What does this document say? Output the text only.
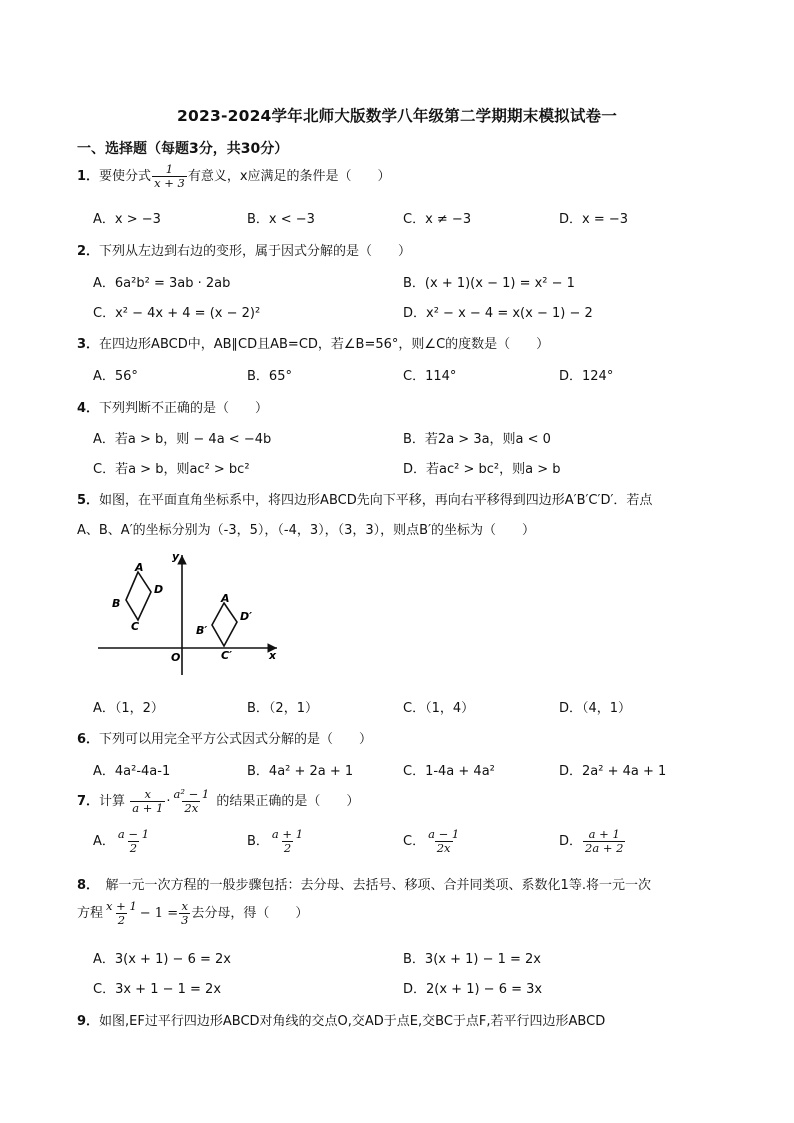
2023-2024学年北师大版数学八年级第二学期期末模拟试卷一
一、选择题（每题3分，共30分）
1．要使分式 $\frac{1}{x + 3}$ 有意义，x应满足的条件是（　　）
A．x > −3	B．x < −3	C．x ≠ −3	D．x = −3
2．下列从左边到右边的变形，属于因式分解的是（　　）
A．6a²b² = 3ab · 2ab	B．(x + 1)(x − 1) = x² − 1
C．x² − 4x + 4 = (x − 2)²	D．x² − x − 4 = x(x − 1) − 2
3．在四边形ABCD中，AB∥CD且AB=CD，若∠B=56°，则∠C的度数是（　　）
A．56°	B．65°	C．114°	D．124°
4．下列判断不正确的是（　　）
A．若a > b，则 − 4a < −4b	B．若2a > 3a，则a < 0
C．若a > b，则ac² > bc²	D．若ac² > bc²，则a > b
5．如图，在平面直角坐标系中，将四边形ABCD先向下平移，再向右平移得到四边形A′B′C′D′．若点
A、B、A′的坐标分别为（-3，5），（-4，3），（3，3），则点B′的坐标为（　　）
y
A
D
B
C
A
D′
B′
C′
O	x
A．（1，2）	B．（2，1）	C．（1，4）	D．（4，1）
6．下列可以用完全平方公式因式分解的是（　　）
A．4a²-4a-1	B．4a² + 2a + 1	C．1-4a + 4a²	D．2a² + 4a + 1
7．计算 $\frac{x}{a + 1} \cdot \frac{\text{a² − 1}}{2x}$ 的结果正确的是（　　）
A． $\frac{a - 1}{2}$	B． $\frac{a + 1}{2}$	C． $\frac{a - 1}{2x}$	D． $\frac{a + 1}{2a + 2}$
8．　解一元一次方程的一般步骤包括：去分母、去括号、移项、合并同类项、系数化1等.将一元一次
方程 $\frac{x + 1}{2} - 1 = \frac{x}{3}$ 去分母，得（　　）
A．3(x + 1) − 6 = 2x	B．3(x + 1) − 1 = 2x
C．3x + 1 − 1 = 2x	D．2(x + 1) − 6 = 3x
9．如图,EF过平行四边形ABCD对角线的交点O,交AD于点E,交BC于点F,若平行四边形ABCD
